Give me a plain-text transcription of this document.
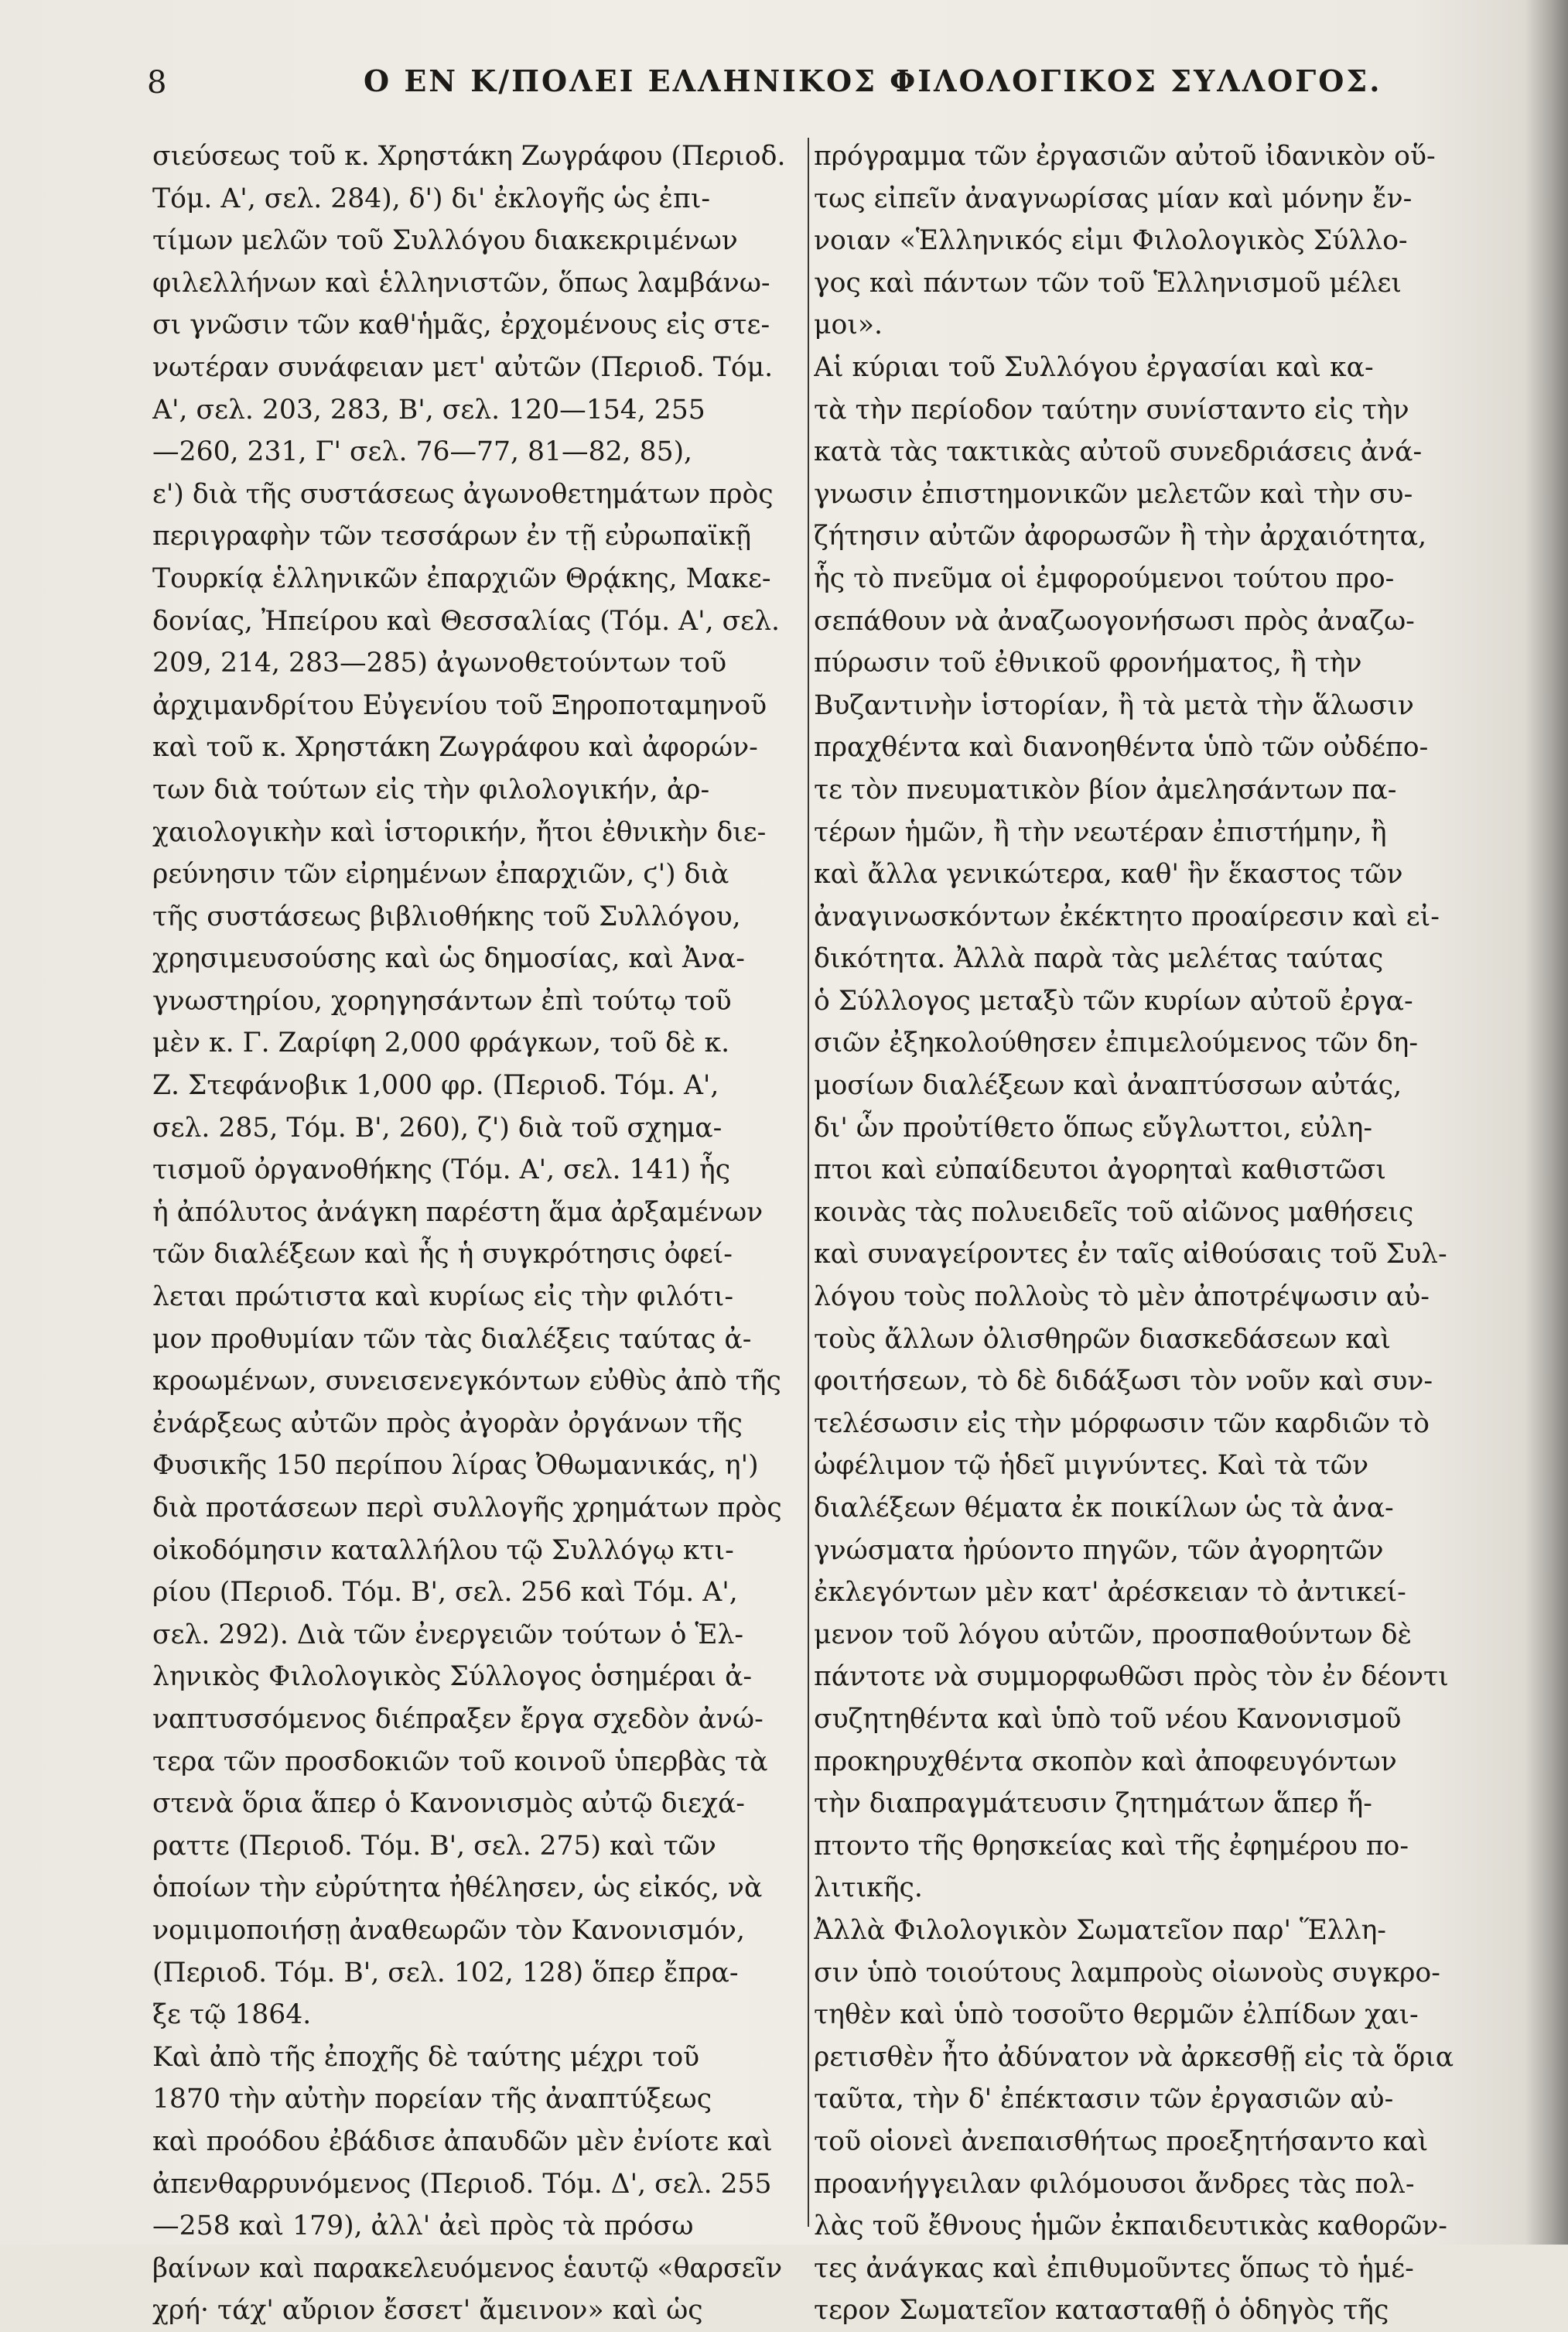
8	Ο ΕΝ Κ/ΠΟΛΕΙ ΕΛΛΗΝΙΚΟΣ ΦΙΛΟΛΟΓΙΚΟΣ ΣΥΛΛΟΓΟΣ.
σιεύσεως τοῦ κ. Χρηστάκη Ζωγράφου (Περιοδ.
Τόμ. Α', σελ. 284), δ') δι' ἐκλογῆς ὡς ἐπι-
τίμων μελῶν τοῦ Συλλόγου διακεκριμένων
φιλελλήνων καὶ ἑλληνιστῶν, ὅπως λαμβάνω-
σι γνῶσιν τῶν καθ'ἡμᾶς, ἐρχομένους εἰς στε-
νωτέραν συνάφειαν μετ' αὐτῶν (Περιοδ. Τόμ.
Α', σελ. 203, 283, Β', σελ. 120—154, 255
—260, 231, Γ' σελ. 76—77, 81—82, 85),
ε') διὰ τῆς συστάσεως ἀγωνοθετημάτων πρὸς
περιγραφὴν τῶν τεσσάρων ἐν τῇ εὐρωπαϊκῇ
Τουρκίᾳ ἑλληνικῶν ἐπαρχιῶν Θρᾴκης, Μακε-
δονίας, Ἠπείρου καὶ Θεσσαλίας (Τόμ. Α', σελ.
209, 214, 283—285) ἀγωνοθετούντων τοῦ
ἀρχιμανδρίτου Εὐγενίου τοῦ Ξηροποταμηνοῦ
καὶ τοῦ κ. Χρηστάκη Ζωγράφου καὶ ἀφορών-
των διὰ τούτων εἰς τὴν φιλολογικήν, ἀρ-
χαιολογικὴν καὶ ἱστορικήν, ἤτοι ἐθνικὴν διε-
ρεύνησιν τῶν εἰρημένων ἐπαρχιῶν, ϛ') διὰ
τῆς συστάσεως βιβλιοθήκης τοῦ Συλλόγου,
χρησιμευσούσης καὶ ὡς δημοσίας, καὶ Ἀνα-
γνωστηρίου, χορηγησάντων ἐπὶ τούτῳ τοῦ
μὲν κ. Γ. Ζαρίφη 2,000 φράγκων, τοῦ δὲ κ.
Ζ. Στεφάνοβικ 1,000 φρ. (Περιοδ. Τόμ. Α',
σελ. 285, Τόμ. Β', 260), ζ') διὰ τοῦ σχημα-
τισμοῦ ὀργανοθήκης (Τόμ. Α', σελ. 141) ἧς
ἡ ἀπόλυτος ἀνάγκη παρέστη ἅμα ἀρξαμένων
τῶν διαλέξεων καὶ ἧς ἡ συγκρότησις ὀφεί-
λεται πρώτιστα καὶ κυρίως εἰς τὴν φιλότι-
μον προθυμίαν τῶν τὰς διαλέξεις ταύτας ἀ-
κροωμένων, συνεισενεγκόντων εὐθὺς ἀπὸ τῆς
ἐνάρξεως αὐτῶν πρὸς ἀγορὰν ὀργάνων τῆς
Φυσικῆς 150 περίπου λίρας Ὀθωμανικάς, η')
διὰ προτάσεων περὶ συλλογῆς χρημάτων πρὸς
οἰκοδόμησιν καταλλήλου τῷ Συλλόγῳ κτι-
ρίου (Περιοδ. Τόμ. Β', σελ. 256 καὶ Τόμ. Α',
σελ. 292). Διὰ τῶν ἐνεργειῶν τούτων ὁ Ἑλ-
ληνικὸς Φιλολογικὸς Σύλλογος ὁσημέραι ἀ-
ναπτυσσόμενος διέπραξεν ἔργα σχεδὸν ἀνώ-
τερα τῶν προσδοκιῶν τοῦ κοινοῦ ὑπερβὰς τὰ
στενὰ ὅρια ἅπερ ὁ Κανονισμὸς αὐτῷ διεχά-
ραττε (Περιοδ. Τόμ. Β', σελ. 275) καὶ τῶν
ὁποίων τὴν εὐρύτητα ἠθέλησεν, ὡς εἰκός, νὰ
νομιμοποιήσῃ ἀναθεωρῶν τὸν Κανονισμόν,
(Περιοδ. Τόμ. Β', σελ. 102, 128) ὅπερ ἔπρα-
ξε τῷ 1864.
Καὶ ἀπὸ τῆς ἐποχῆς δὲ ταύτης μέχρι τοῦ
1870 τὴν αὐτὴν πορείαν τῆς ἀναπτύξεως
καὶ προόδου ἐβάδισε ἀπαυδῶν μὲν ἐνίοτε καὶ
ἀπενθαρρυνόμενος (Περιοδ. Τόμ. Δ', σελ. 255
—258 καὶ 179), ἀλλ' ἀεὶ πρὸς τὰ πρόσω
βαίνων καὶ παρακελευόμενος ἑαυτῷ «θαρσεῖν
χρή· τάχ' αὔριον ἔσσετ' ἄμεινον» καὶ ὡς
πρόγραμμα τῶν ἐργασιῶν αὐτοῦ ἰδανικὸν οὕ-
τως εἰπεῖν ἀναγνωρίσας μίαν καὶ μόνην ἔν-
νοιαν «Ἑλληνικός εἰμι Φιλολογικὸς Σύλλο-
γος καὶ πάντων τῶν τοῦ Ἑλληνισμοῦ μέλει
μοι».
Αἱ κύριαι τοῦ Συλλόγου ἐργασίαι καὶ κα-
τὰ τὴν περίοδον ταύτην συνίσταντο εἰς τὴν
κατὰ τὰς τακτικὰς αὐτοῦ συνεδριάσεις ἀνά-
γνωσιν ἐπιστημονικῶν μελετῶν καὶ τὴν συ-
ζήτησιν αὐτῶν ἀφορωσῶν ἢ τὴν ἀρχαιότητα,
ἧς τὸ πνεῦμα οἱ ἐμφορούμενοι τούτου προ-
σεπάθουν νὰ ἀναζωογονήσωσι πρὸς ἀναζω-
πύρωσιν τοῦ ἐθνικοῦ φρονήματος, ἢ τὴν
Βυζαντινὴν ἱστορίαν, ἢ τὰ μετὰ τὴν ἅλωσιν
πραχθέντα καὶ διανοηθέντα ὑπὸ τῶν οὐδέπο-
τε τὸν πνευματικὸν βίον ἀμελησάντων πα-
τέρων ἡμῶν, ἢ τὴν νεωτέραν ἐπιστήμην, ἢ
καὶ ἄλλα γενικώτερα, καθ' ἣν ἕκαστος τῶν
ἀναγινωσκόντων ἐκέκτητο προαίρεσιν καὶ εἰ-
δικότητα. Ἀλλὰ παρὰ τὰς μελέτας ταύτας
ὁ Σύλλογος μεταξὺ τῶν κυρίων αὐτοῦ ἐργα-
σιῶν ἐξηκολούθησεν ἐπιμελούμενος τῶν δη-
μοσίων διαλέξεων καὶ ἀναπτύσσων αὐτάς,
δι' ὧν προὐτίθετο ὅπως εὔγλωττοι, εὐλη-
πτοι καὶ εὐπαίδευτοι ἀγορηταὶ καθιστῶσι
κοινὰς τὰς πολυειδεῖς τοῦ αἰῶνος μαθήσεις
καὶ συναγείροντες ἐν ταῖς αἰθούσαις τοῦ Συλ-
λόγου τοὺς πολλοὺς τὸ μὲν ἀποτρέψωσιν αὐ-
τοὺς ἄλλων ὀλισθηρῶν διασκεδάσεων καὶ
φοιτήσεων, τὸ δὲ διδάξωσι τὸν νοῦν καὶ συν-
τελέσωσιν εἰς τὴν μόρφωσιν τῶν καρδιῶν τὸ
ὠφέλιμον τῷ ἡδεῖ μιγνύντες. Καὶ τὰ τῶν
διαλέξεων θέματα ἐκ ποικίλων ὡς τὰ ἀνα-
γνώσματα ἠρύοντο πηγῶν, τῶν ἀγορητῶν
ἐκλεγόντων μὲν κατ' ἀρέσκειαν τὸ ἀντικεί-
μενον τοῦ λόγου αὐτῶν, προσπαθούντων δὲ
πάντοτε νὰ συμμορφωθῶσι πρὸς τὸν ἐν δέοντι
συζητηθέντα καὶ ὑπὸ τοῦ νέου Κανονισμοῦ
προκηρυχθέντα σκοπὸν καὶ ἀποφευγόντων
τὴν διαπραγμάτευσιν ζητημάτων ἅπερ ἥ-
πτοντο τῆς θρησκείας καὶ τῆς ἐφημέρου πο-
λιτικῆς.
Ἀλλὰ Φιλολογικὸν Σωματεῖον παρ' Ἕλλη-
σιν ὑπὸ τοιούτους λαμπροὺς οἰωνοὺς συγκρο-
τηθὲν καὶ ὑπὸ τοσοῦτο θερμῶν ἐλπίδων χαι-
ρετισθὲν ἦτο ἀδύνατον νὰ ἀρκεσθῇ εἰς τὰ ὅρια
ταῦτα, τὴν δ' ἐπέκτασιν τῶν ἐργασιῶν αὐ-
τοῦ οἱονεὶ ἀνεπαισθήτως προεξητήσαντο καὶ
προανήγγειλαν φιλόμουσοι ἄνδρες τὰς πολ-
λὰς τοῦ ἔθνους ἡμῶν ἐκπαιδευτικὰς καθορῶν-
τες ἀνάγκας καὶ ἐπιθυμοῦντες ὅπως τὸ ἡμέ-
τερον Σωματεῖον κατασταθῇ ὁ ὁδηγὸς τῆς
